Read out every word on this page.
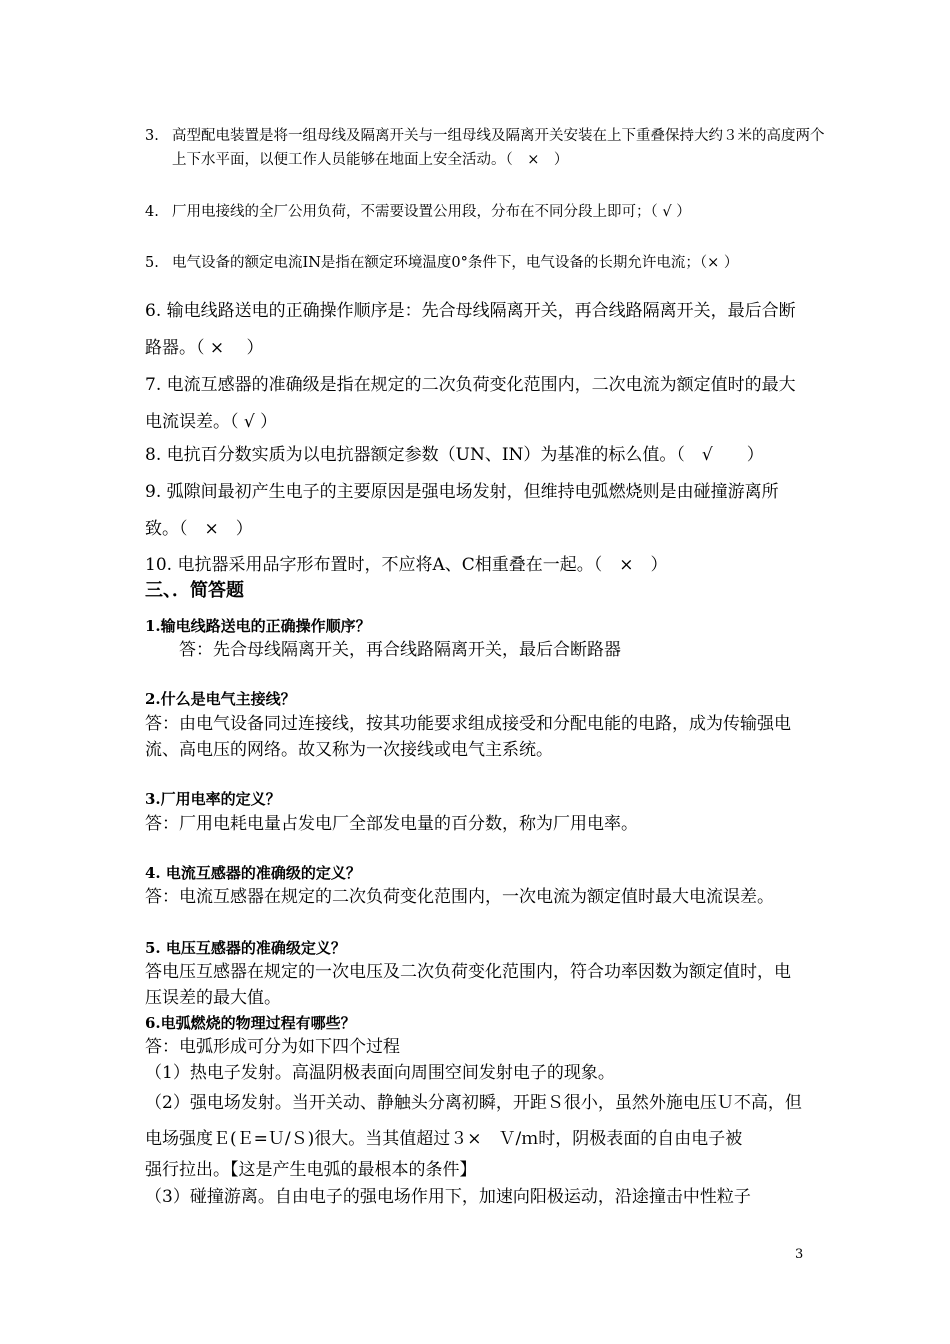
3. 高型配电装置是将一组母线及隔离开关与一组母线及隔离开关安装在上下重叠保持大约３米的高度两个上下水平面，以便工作人员能够在地面上安全活动。（　×　）
4. 厂用电接线的全厂公用负荷，不需要设置公用段，分布在不同分段上即可；（ √ ）
5. 电气设备的额定电流IN是指在额定环境温度0°条件下，电气设备的长期允许电流；（× ）
6. 输电线路送电的正确操作顺序是：先合母线隔离开关，再合线路隔离开关，最后合断路器。（ ×　 ）
7. 电流互感器的准确级是指在规定的二次负荷变化范围内，二次电流为额定值时的最大电流误差。（ √ ）
8. 电抗百分数实质为以电抗器额定参数（UN、IN）为基准的标么值。（　√　　）
9. 弧隙间最初产生电子的主要原因是强电场发射，但维持电弧燃烧则是由碰撞游离所致。（　×　）
10. 电抗器采用品字形布置时，不应将A、C相重叠在一起。（　×　）
三、．简答题
1.输电线路送电的正确操作顺序？
　　答：先合母线隔离开关，再合线路隔离开关，最后合断路器
2.什么是电气主接线？
答：由电气设备同过连接线，按其功能要求组成接受和分配电能的电路，成为传输强电流、高电压的网络。故又称为一次接线或电气主系统。
3.厂用电率的定义？
答：厂用电耗电量占发电厂全部发电量的百分数，称为厂用电率。
4. 电流互感器的准确级的定义？
答：电流互感器在规定的二次负荷变化范围内，一次电流为额定值时最大电流误差。
5. 电压互感器的准确级定义？
答电压互感器在规定的一次电压及二次负荷变化范围内，符合功率因数为额定值时，电压误差的最大值。
6.电弧燃烧的物理过程有哪些？
答：电弧形成可分为如下四个过程
（1）热电子发射。高温阴极表面向周围空间发射电子的现象。
（2）强电场发射。当开关动、静触头分离初瞬，开距Ｓ很小，虽然外施电压Ｕ不高，但电场强度Ｅ(Ｅ=Ｕ/Ｓ)很大。当其值超过３×　Ｖ/ｍ时，阴极表面的自由电子被
强行拉出。【这是产生电弧的最根本的条件】
（3）碰撞游离。自由电子的强电场作用下，加速向阳极运动，沿途撞击中性粒子
3
